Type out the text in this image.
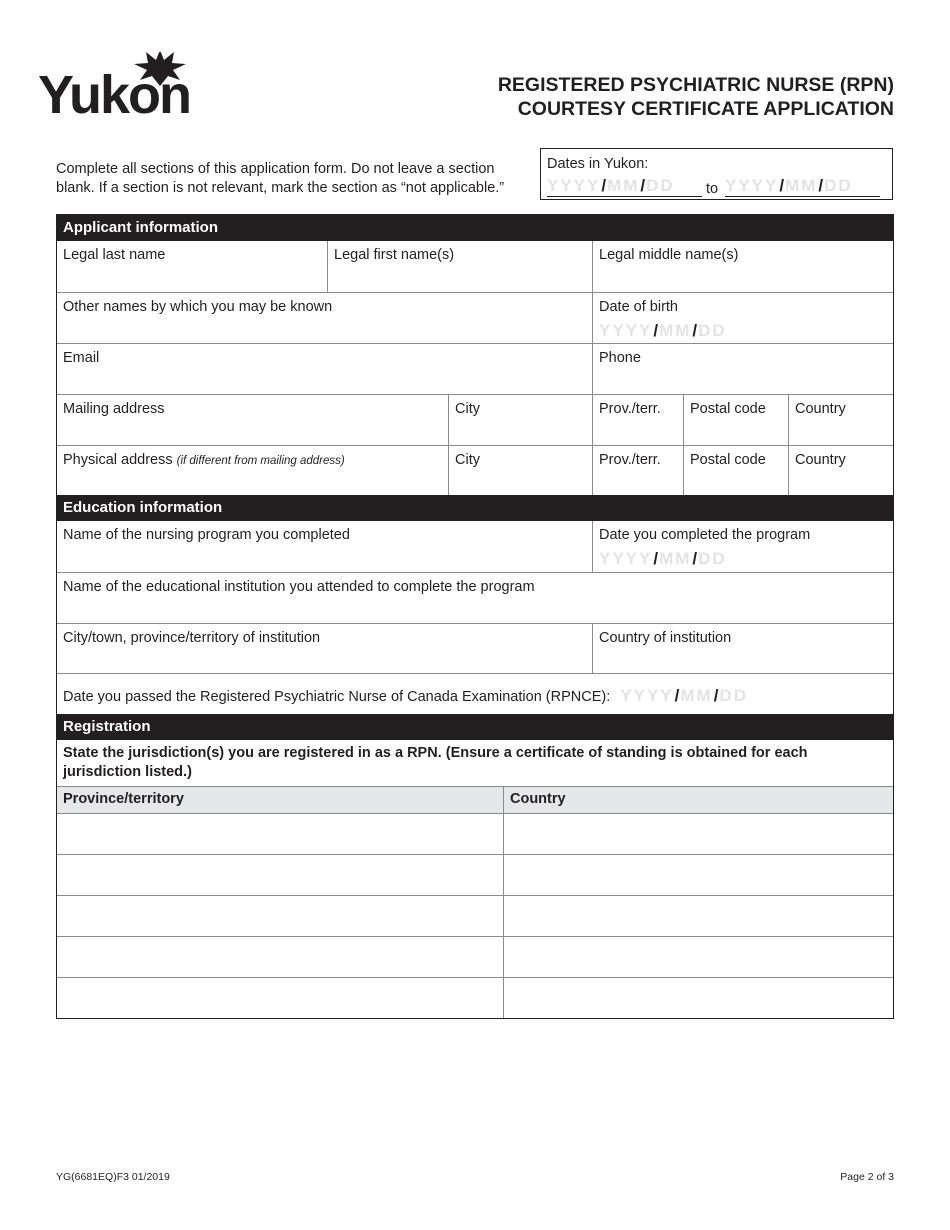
Yukon	REGISTERED PSYCHIATRIC NURSE (RPN)
COURTESY CERTIFICATE APPLICATION
Complete all sections of this application form. Do not leave a section blank. If a section is not relevant, mark the section as “not applicable.”
Dates in Yukon:
YYYY/MM/DD	to YYYY/MM/DD
Applicant information
Legal last name	Legal first name(s)	Legal middle name(s)
Other names by which you may be known	Date of birth
YYYY/MM/DD
Email	Phone
Mailing address	City	Prov./terr.	Postal code	Country
Physical address (if different from mailing address)	City	Prov./terr.	Postal code	Country
Education information
Name of the nursing program you completed	Date you completed the program
YYYY/MM/DD
Name of the educational institution you attended to complete the program
City/town, province/territory of institution	Country of institution
Date you passed the Registered Psychiatric Nurse of Canada Examination (RPNCE): YYYY/MM/DD
Registration
State the jurisdiction(s) you are registered in as a RPN. (Ensure a certificate of standing is obtained for each jurisdiction listed.)
Province/territory	Country
YG(6681EQ)F3 01/2019	Page 2 of 3
